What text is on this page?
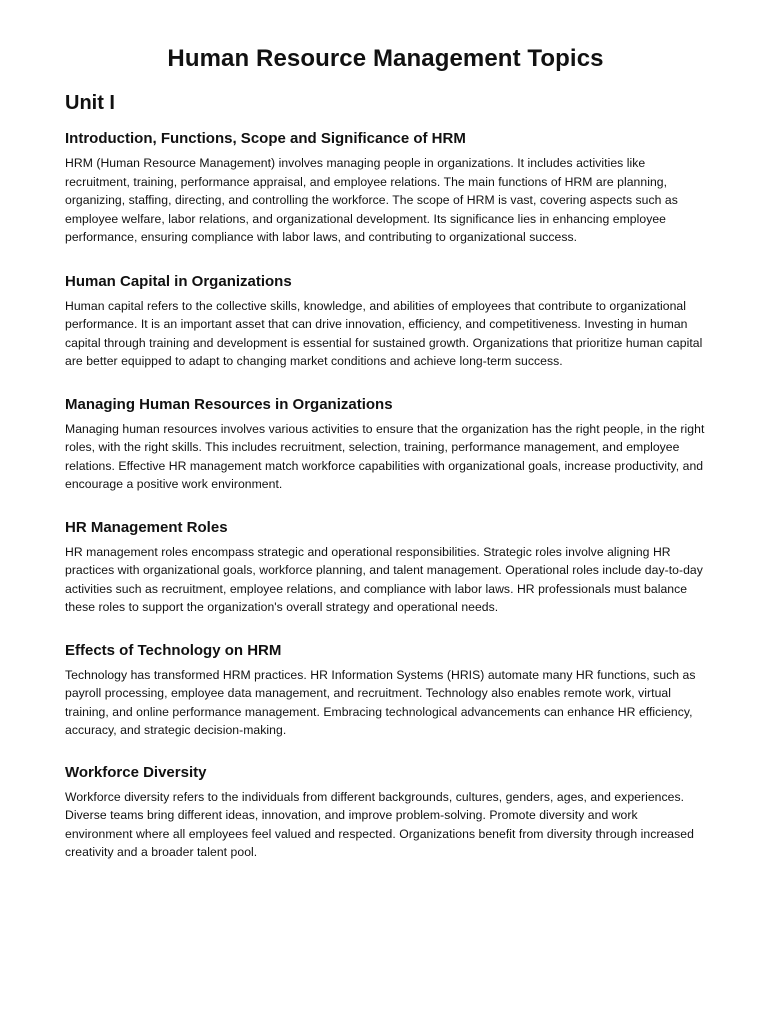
Human Resource Management Topics
Unit I
Introduction, Functions, Scope and Significance of HRM

HRM (Human Resource Management) involves managing people in organizations. It includes activities like recruitment, training, performance appraisal, and employee relations. The main functions of HRM are planning, organizing, staffing, directing, and controlling the workforce. The scope of HRM is vast, covering aspects such as employee welfare, labor relations, and organizational development. Its significance lies in enhancing employee performance, ensuring compliance with labor laws, and contributing to organizational success.

Human Capital in Organizations

Human capital refers to the collective skills, knowledge, and abilities of employees that contribute to organizational performance. It is an important asset that can drive innovation, efficiency, and competitiveness. Investing in human capital through training and development is essential for sustained growth. Organizations that prioritize human capital are better equipped to adapt to changing market conditions and achieve long-term success.

Managing Human Resources in Organizations

Managing human resources involves various activities to ensure that the organization has the right people, in the right roles, with the right skills. This includes recruitment, selection, training, performance management, and employee relations. Effective HR management match workforce capabilities with organizational goals, increase productivity, and encourage a positive work environment.

HR Management Roles

HR management roles encompass strategic and operational responsibilities. Strategic roles involve aligning HR practices with organizational goals, workforce planning, and talent management. Operational roles include day-to-day activities such as recruitment, employee relations, and compliance with labor laws. HR professionals must balance these roles to support the organization's overall strategy and operational needs.

Effects of Technology on HRM

Technology has transformed HRM practices. HR Information Systems (HRIS) automate many HR functions, such as payroll processing, employee data management, and recruitment. Technology also enables remote work, virtual training, and online performance management. Embracing technological advancements can enhance HR efficiency, accuracy, and strategic decision-making.

Workforce Diversity

Workforce diversity refers to the individuals from different backgrounds, cultures, genders, ages, and experiences. Diverse teams bring different ideas, innovation, and improve problem-solving. Promote diversity and work environment where all employees feel valued and respected. Organizations benefit from diversity through increased creativity and a broader talent pool.
